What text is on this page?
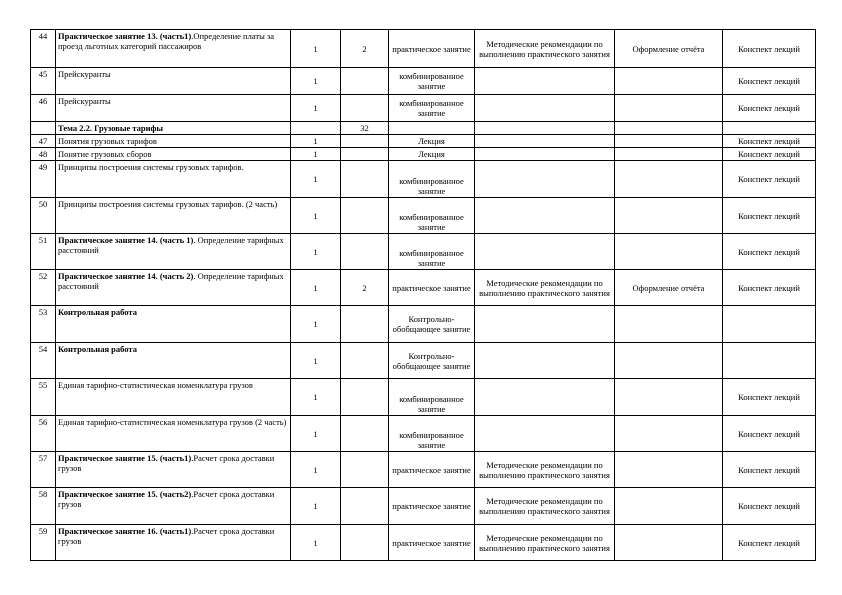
44	Практическое занятие 13. (часть1).Определение платы за проезд льготных категорий пассажиров	1	2	практическое занятие	Методические рекомендации по выполнению практического занятия	Оформление отчёта	Конспект лекций
45	Прейскуранты	1		комбинированное занятие			Конспект лекций
46	Прейскуранты	1		комбинированное занятие			Конспект лекций
	Тема 2.2. Грузовые тарифы		32				
47	Понятия грузовых тарифов	1		Лекция			Конспект лекций
48	Понятие грузовых сборов	1		Лекция			Конспект лекций
49	Принципы построения системы грузовых тарифов.	1		комбинированное занятие			Конспект лекций
50	Принципы построения системы грузовых тарифов. (2 часть)	1		комбинированное занятие			Конспект лекций
51	Практическое занятие 14. (часть 1). Определение тарифных расстояний	1		комбинированное занятие			Конспект лекций
52	Практическое занятие 14. (часть 2). Определение тарифных расстояний	1	2	практическое занятие	Методические рекомендации по выполнению практического занятия	Оформление отчёта	Конспект лекций
53	Контрольная работа	1		Контрольно-обобщающее занятие			
54	Контрольная работа	1		Контрольно-обобщающее занятие			
55	Единая тарифно-статистическая номенклатура грузов	1		комбинированное занятие			Конспект лекций
56	Единая тарифно-статистическая номенклатура грузов (2 часть)	1		комбинированное занятие			Конспект лекций
57	Практическое занятие 15. (часть1).Расчет срока доставки грузов	1		практическое занятие	Методические рекомендации по выполнению практического занятия		Конспект лекций
58	Практическое занятие 15. (часть2).Расчет срока доставки грузов	1		практическое занятие	Методические рекомендации по выполнению практического занятия		Конспект лекций
59	Практическое занятие 16. (часть1).Расчет срока доставки грузов	1		практическое занятие	Методические рекомендации по выполнению практического занятия		Конспект лекций
